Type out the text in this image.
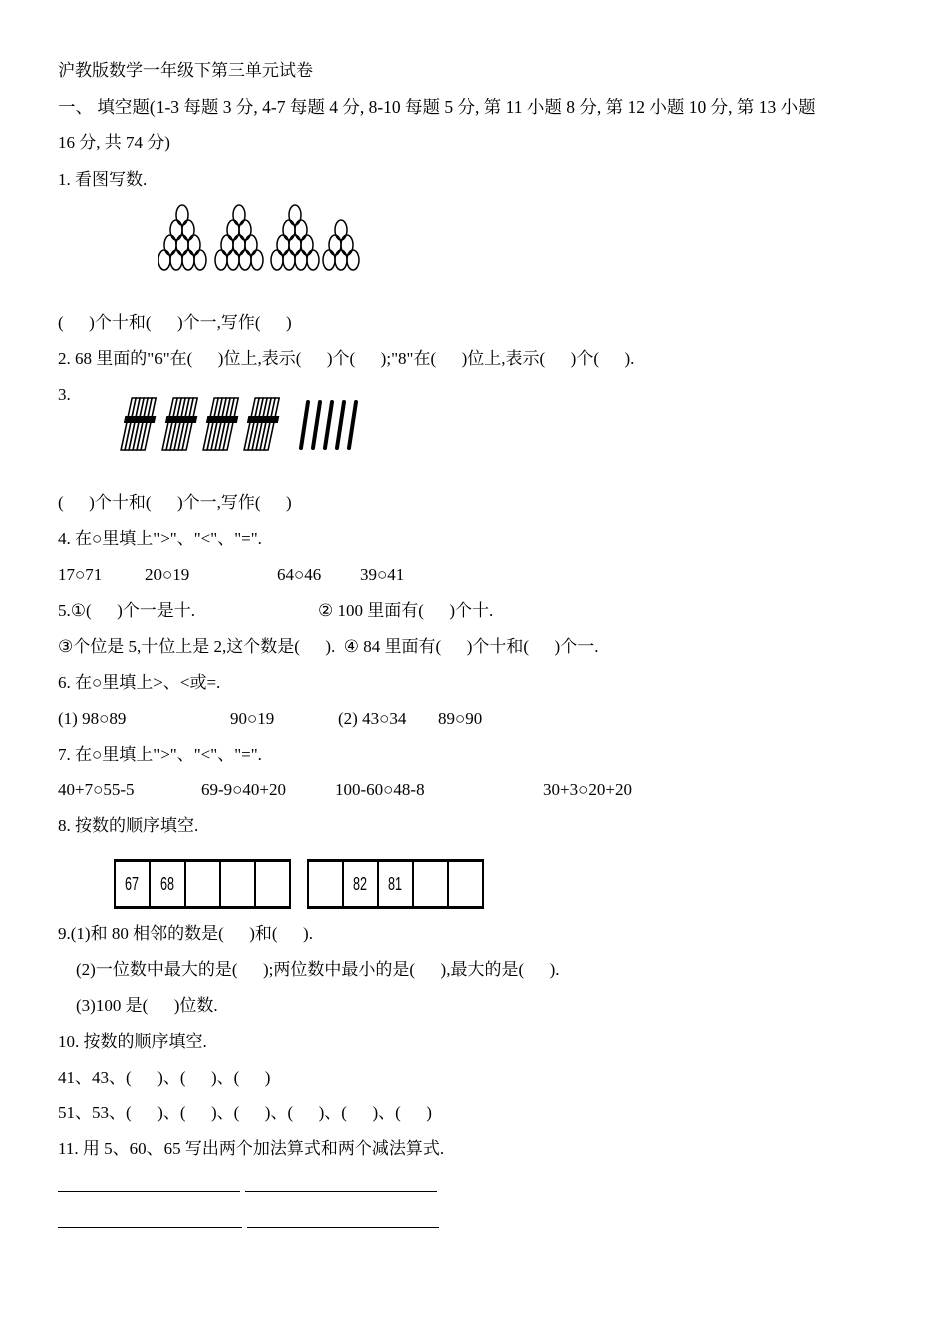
沪教版数学一年级下第三单元试卷
一、 填空题(1-3 每题 3 分, 4-7 每题 4 分, 8-10 每题 5 分, 第 11 小题 8 分, 第 12 小题 10 分, 第 13 小题
16 分, 共 74 分)
1. 看图写数.
(      )个十和(      )个一,写作(      )
2. 68 里面的"6"在(      )位上,表示(      )个(      );"8"在(      )位上,表示(      )个(      ).
3.
(      )个十和(      )个一,写作(      )
4. 在○里填上">"、"<"、"=".
17○71	20○19	64○46 39○41
5.①(      )个一是十.	② 100 里面有(      )个十.
③个位是 5,十位上是 2,这个数是(      ).  ④ 84 里面有(      )个十和(      )个一.
6. 在○里填上>、<或=.
(1) 98○89	90○19	(2) 43○34 89○90
7. 在○里填上">"、"<"、"=".
40+7○55-5	69-9○40+20	100-60○48-8	30+3○20+20
8. 按数的顺序填空.
67 68	82 81
9.(1)和 80 相邻的数是(      )和(      ).
(2)一位数中最大的是(      );两位数中最小的是(      ),最大的是(      ).
(3)100 是(      )位数.
10. 按数的顺序填空.
41、43、(      )、(      )、(      )
51、53、(      )、(      )、(      )、(      )、(      )、(      )
11. 用 5、60、65 写出两个加法算式和两个减法算式.
